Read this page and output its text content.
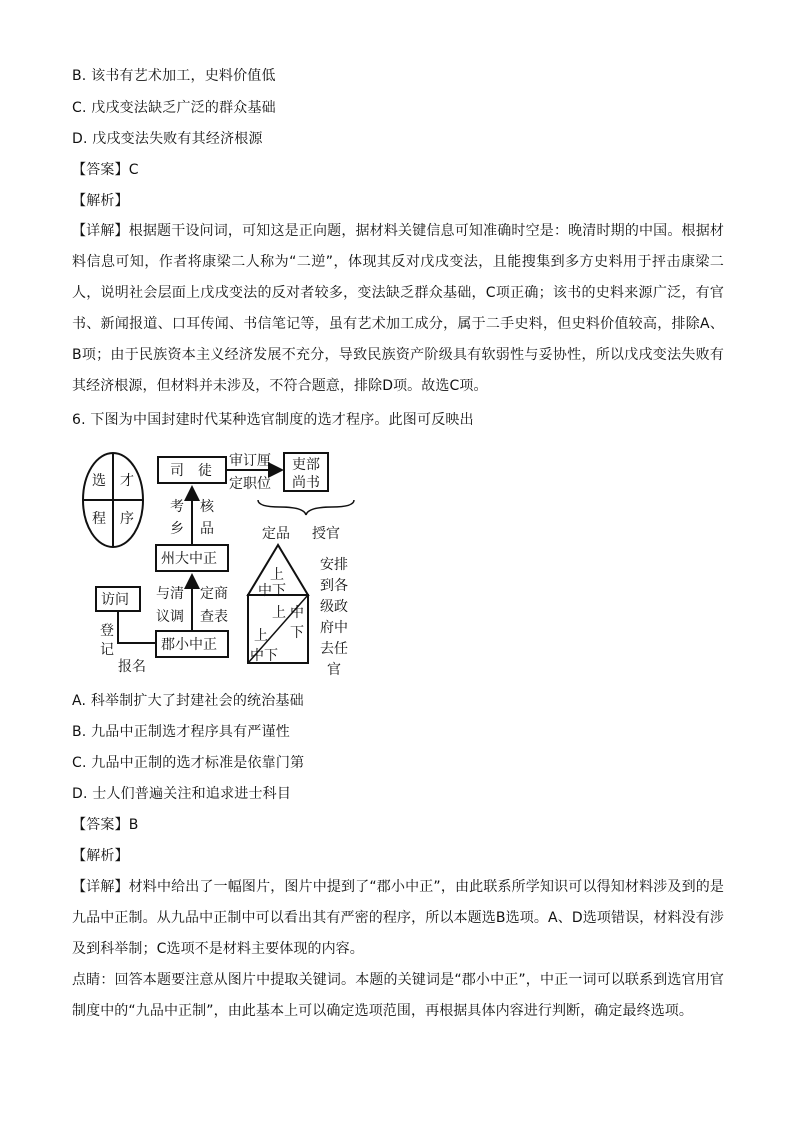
B. 该书有艺术加工，史料价值低
C. 戊戌变法缺乏广泛的群众基础
D. 戊戌变法失败有其经济根源
【答案】C
【解析】
【详解】根据题干设问词，可知这是正向题，据材料关键信息可知准确时空是：晚清时期的中国。根据材料信息可知，作者将康梁二人称为“二逆”，体现其反对戊戌变法，且能搜集到多方史料用于抨击康梁二人，说明社会层面上戊戌变法的反对者较多，变法缺乏群众基础，C项正确；该书的史料来源广泛，有官书、新闻报道、口耳传闻、书信笔记等，虽有艺术加工成分，属于二手史料，但史料价值较高，排除A、B项；由于民族资本主义经济发展不充分，导致民族资产阶级具有软弱性与妥协性，所以戊戌变法失败有其经济根源，但材料并未涉及，不符合题意，排除D项。故选C项。
6. 下图为中国封建时代某种选官制度的选才程序。此图可反映出
选 才
程 序
司　徒
审订厘
定职位
吏部
尚书
定品 授官
考
乡
核
品
州大中正
与清
议调
定商
查表
访问
登
记
报名
郡小中正
上
中下
上 中
下
上
中下
安排
到各
级政
府中
去任
官
A. 科举制扩大了封建社会的统治基础
B. 九品中正制选才程序具有严谨性
C. 九品中正制的选才标准是依靠门第
D. 士人们普遍关注和追求进士科目
【答案】B
【解析】
【详解】材料中给出了一幅图片，图片中提到了“郡小中正”，由此联系所学知识可以得知材料涉及到的是九品中正制。从九品中正制中可以看出其有严密的程序，所以本题选B选项。A、D选项错误，材料没有涉及到科举制；C选项不是材料主要体现的内容。
点睛：回答本题要注意从图片中提取关键词。本题的关键词是“郡小中正”，中正一词可以联系到选官用官制度中的“九品中正制”，由此基本上可以确定选项范围，再根据具体内容进行判断，确定最终选项。
